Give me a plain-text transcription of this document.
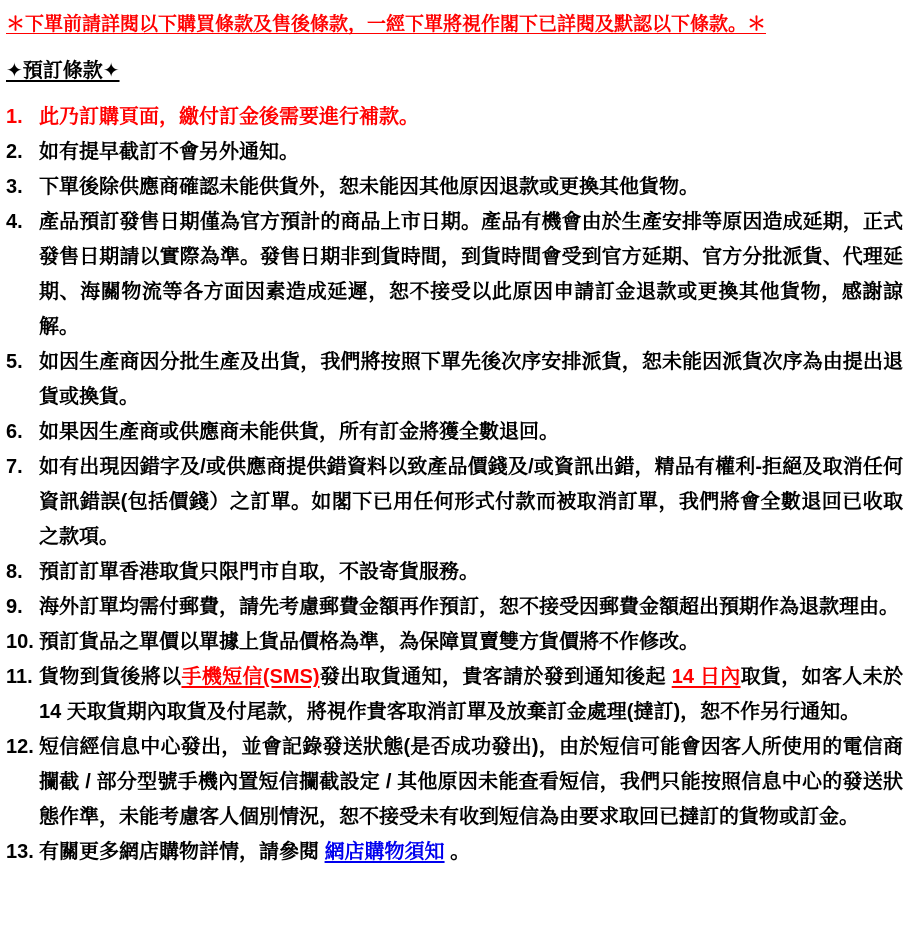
＊下單前請詳閱以下購買條款及售後條款，一經下單將視作閣下已詳閱及默認以下條款。＊
✦預訂條款✦
1. 此乃訂購頁面，繳付訂金後需要進行補款。
2. 如有提早截訂不會另外通知。
3. 下單後除供應商確認未能供貨外，恕未能因其他原因退款或更換其他貨物。
4. 產品預訂發售日期僅為官方預計的商品上市日期。產品有機會由於生產安排等原因造成延期，正式發售日期請以實際為準。發售日期非到貨時間，到貨時間會受到官方延期、官方分批派貨、代理延期、海關物流等各方面因素造成延遲，恕不接受以此原因申請訂金退款或更換其他貨物，感謝諒解。
5. 如因生產商因分批生產及出貨，我們將按照下單先後次序安排派貨，恕未能因派貨次序為由提出退貨或換貨。
6. 如果因生產商或供應商未能供貨，所有訂金將獲全數退回。
7. 如有出現因錯字及/或供應商提供錯資料以致產品價錢及/或資訊出錯，精品有權利-拒絕及取消任何資訊錯誤(包括價錢）之訂單。如閣下已用任何形式付款而被取消訂單，我們將會全數退回已收取之款項。
8. 預訂訂單香港取貨只限門市自取，不設寄貨服務。
9. 海外訂單均需付郵費，請先考慮郵費金額再作預訂，恕不接受因郵費金額超出預期作為退款理由。
10. 預訂貨品之單價以單據上貨品價格為準，為保障買賣雙方貨價將不作修改。
11. 貨物到貨後將以手機短信(SMS)發出取貨通知，貴客請於發到通知後起 14 日內取貨，如客人未於 14 天取貨期內取貨及付尾款，將視作貴客取消訂單及放棄訂金處理(撻訂)，恕不作另行通知。
12. 短信經信息中心發出，並會記錄發送狀態(是否成功發出)，由於短信可能會因客人所使用的電信商攔截 / 部分型號手機內置短信攔截設定 / 其他原因未能查看短信，我們只能按照信息中心的發送狀態作準，未能考慮客人個別情況，恕不接受未有收到短信為由要求取回已撻訂的貨物或訂金。
13. 有關更多網店購物詳情，請參閱 網店購物須知 。
